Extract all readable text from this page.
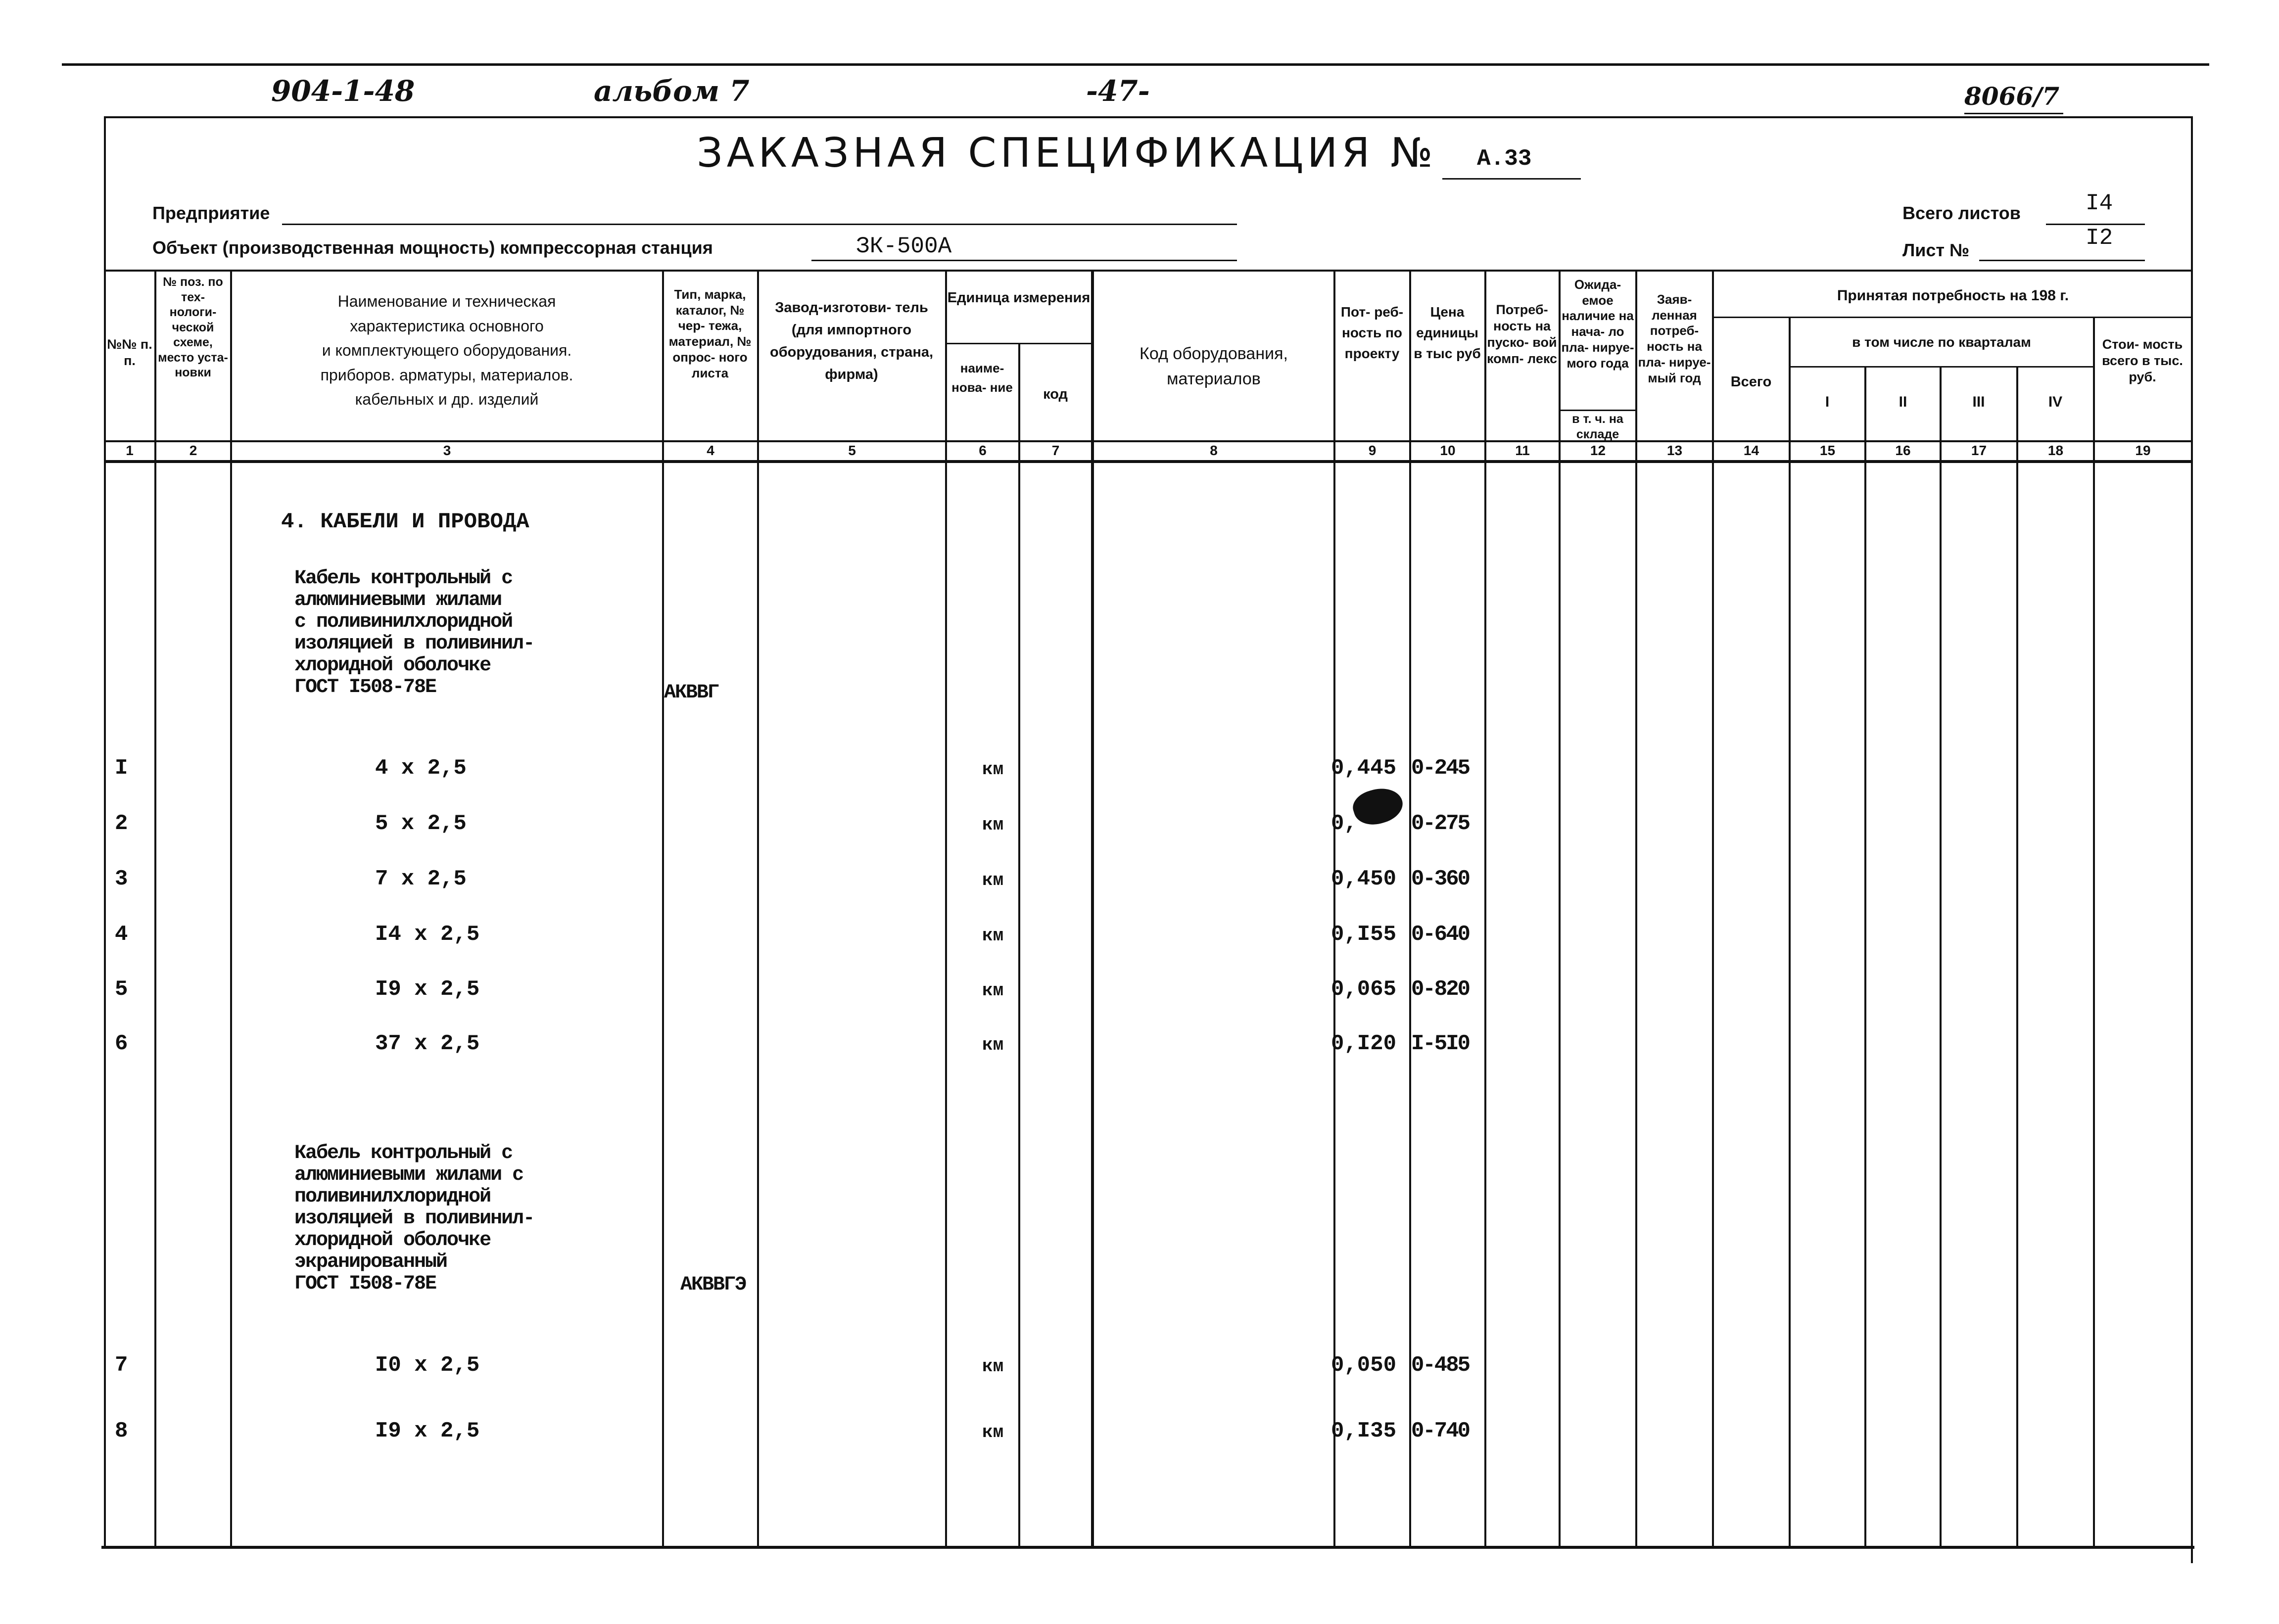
904-1-48	альбом 7	-47-	8066/7
ЗАКАЗНАЯ СПЕЦИФИКАЦИЯ № А.33
Предприятие
Объект (производственная мощность) компрессорная станция	ЗК-500А
Всего листов	I4
Лист №	I2
№№ п. п.
№ поз. по тех- нологи- ческой схеме, место уста- новки
Наименование и техническая
характеристика основного
и комплектующего оборудования.
приборов. арматуры, материалов.
кабельных и др. изделий
Тип, марка, каталог, № чер- тежа, материал, № опрос- ного листа
Завод-изготови- тель (для импортного оборудования, страна, фирма)
Единица измерения
наиме- нова- ние	код
Код оборудования, материалов
Пот- реб- ность по проекту
Цена единицы в тыс руб
Потреб- ность на пуско- вой комп- лекс
Ожида- емое наличие на нача- ло пла- нируе- мого года
в т. ч. на складе
Заяв- ленная потреб- ность на пла- нируе- мый год
Принятая потребность на 198 г.
Всего
в том числе по кварталам
I	II	III	IV
Стои- мость всего в тыс. руб.
1	2	3	4	5	6	7	8	9	10	11	12	13	14	15	16	17	18	19
4. КАБЕЛИ И ПРОВОДА
Кабель контрольный с
алюминиевыми жилами
с поливинилхлоридной
изоляцией в поливинил-
хлоридной оболочке
ГОСТ I508-78Е	АКВВГ
Кабель контрольный с
алюминиевыми жилами с
поливинилхлоридной
изоляцией в поливинил-
хлоридной оболочке
экранированный
ГОСТ I508-78Е	АКВВГЭ
I	4 х 2,5	км	0,445 0-245
2	5 х 2,5	км	0, 0-275
3	7 х 2,5	км	0,450 0-360
4	I4 х 2,5	км	0,I55 0-640
5	I9 х 2,5	км	0,065 0-820
6	37 х 2,5	км	0,I20 I-5I0
7	I0 х 2,5	км	0,050 0-485
8	I9 х 2,5	км	0,I35 0-740
